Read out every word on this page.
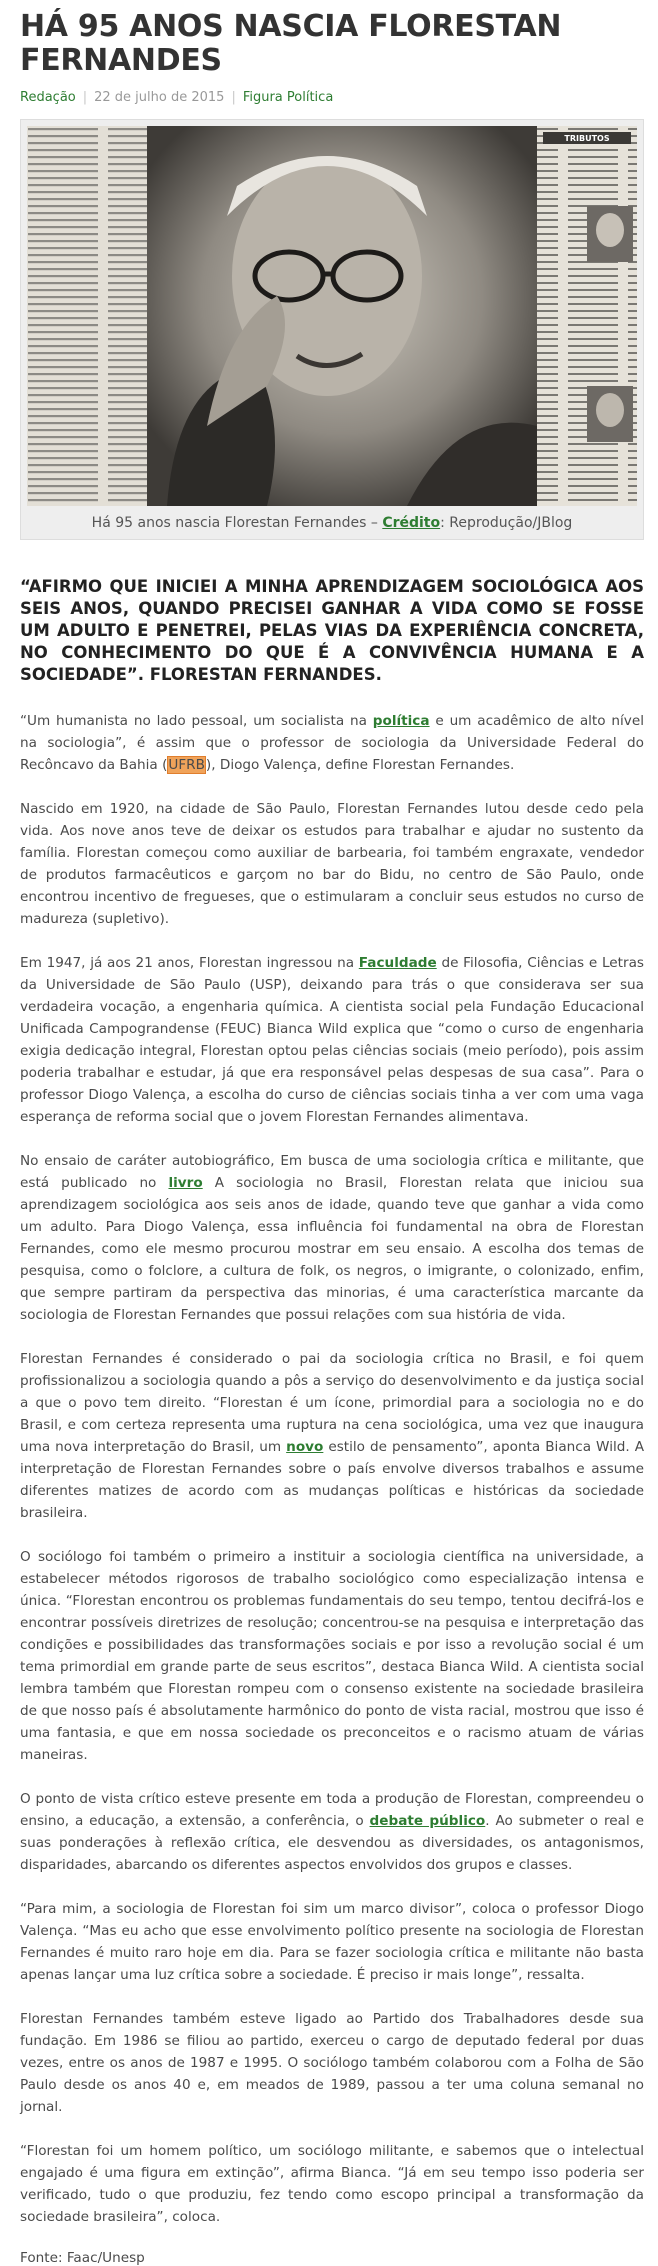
HÁ 95 ANOS NASCIA FLORESTAN FERNANDES
Redação | 22 de julho de 2015 | Figura Política
TRIBUTOS
Há 95 anos nascia Florestan Fernandes – Crédito: Reprodução/JBlog
“AFIRMO QUE INICIEI A MINHA APRENDIZAGEM SOCIOLÓGICA AOS SEIS ANOS, QUANDO PRECISEI GANHAR A VIDA COMO SE FOSSE UM ADULTO E PENETREI, PELAS VIAS DA EXPERIÊNCIA CONCRETA, NO CONHECIMENTO DO QUE É A CONVIVÊNCIA HUMANA E A SOCIEDADE”. FLORESTAN FERNANDES.

“Um humanista no lado pessoal, um socialista na política e um acadêmico de alto nível na sociologia”, é assim que o professor de sociologia da Universidade Federal do Recôncavo da Bahia (UFRB), Diogo Valença, define Florestan Fernandes.

Nascido em 1920, na cidade de São Paulo, Florestan Fernandes lutou desde cedo pela vida. Aos nove anos teve de deixar os estudos para trabalhar e ajudar no sustento da família. Florestan começou como auxiliar de barbearia, foi também engraxate, vendedor de produtos farmacêuticos e garçom no bar do Bidu, no centro de São Paulo, onde encontrou incentivo de fregueses, que o estimularam a concluir seus estudos no curso de madureza (supletivo).

Em 1947, já aos 21 anos, Florestan ingressou na Faculdade de Filosofia, Ciências e Letras da Universidade de São Paulo (USP), deixando para trás o que considerava ser sua verdadeira vocação, a engenharia química. A cientista social pela Fundação Educacional Unificada Campograndense (FEUC) Bianca Wild explica que “como o curso de engenharia exigia dedicação integral, Florestan optou pelas ciências sociais (meio período), pois assim poderia trabalhar e estudar, já que era responsável pelas despesas de sua casa”. Para o professor Diogo Valença, a escolha do curso de ciências sociais tinha a ver com uma vaga esperança de reforma social que o jovem Florestan Fernandes alimentava.

No ensaio de caráter autobiográfico, Em busca de uma sociologia crítica e militante, que está publicado no livro A sociologia no Brasil, Florestan relata que iniciou sua aprendizagem sociológica aos seis anos de idade, quando teve que ganhar a vida como um adulto. Para Diogo Valença, essa influência foi fundamental na obra de Florestan Fernandes, como ele mesmo procurou mostrar em seu ensaio. A escolha dos temas de pesquisa, como o folclore, a cultura de folk, os negros, o imigrante, o colonizado, enfim, que sempre partiram da perspectiva das minorias, é uma característica marcante da sociologia de Florestan Fernandes que possui relações com sua história de vida.

Florestan Fernandes é considerado o pai da sociologia crítica no Brasil, e foi quem profissionalizou a sociologia quando a pôs a serviço do desenvolvimento e da justiça social a que o povo tem direito. “Florestan é um ícone, primordial para a sociologia no e do Brasil, e com certeza representa uma ruptura na cena sociológica, uma vez que inaugura uma nova interpretação do Brasil, um novo estilo de pensamento”, aponta Bianca Wild. A interpretação de Florestan Fernandes sobre o país envolve diversos trabalhos e assume diferentes matizes de acordo com as mudanças políticas e históricas da sociedade brasileira.

O sociólogo foi também o primeiro a instituir a sociologia científica na universidade, a estabelecer métodos rigorosos de trabalho sociológico como especialização intensa e única. “Florestan encontrou os problemas fundamentais do seu tempo, tentou decifrá-los e encontrar possíveis diretrizes de resolução; concentrou-se na pesquisa e interpretação das condições e possibilidades das transformações sociais e por isso a revolução social é um tema primordial em grande parte de seus escritos”, destaca Bianca Wild. A cientista social lembra também que Florestan rompeu com o consenso existente na sociedade brasileira de que nosso país é absolutamente harmônico do ponto de vista racial, mostrou que isso é uma fantasia, e que em nossa sociedade os preconceitos e o racismo atuam de várias maneiras.

O ponto de vista crítico esteve presente em toda a produção de Florestan, compreendeu o ensino, a educação, a extensão, a conferência, o debate público. Ao submeter o real e suas ponderações à reflexão crítica, ele desvendou as diversidades, os antagonismos, disparidades, abarcando os diferentes aspectos envolvidos dos grupos e classes.

“Para mim, a sociologia de Florestan foi sim um marco divisor”, coloca o professor Diogo Valença. “Mas eu acho que esse envolvimento político presente na sociologia de Florestan Fernandes é muito raro hoje em dia. Para se fazer sociologia crítica e militante não basta apenas lançar uma luz crítica sobre a sociedade. É preciso ir mais longe”, ressalta.

Florestan Fernandes também esteve ligado ao Partido dos Trabalhadores desde sua fundação. Em 1986 se filiou ao partido, exerceu o cargo de deputado federal por duas vezes, entre os anos de 1987 e 1995. O sociólogo também colaborou com a Folha de São Paulo desde os anos 40 e, em meados de 1989, passou a ter uma coluna semanal no jornal.

“Florestan foi um homem político, um sociólogo militante, e sabemos que o intelectual engajado é uma figura em extinção”, afirma Bianca. “Já em seu tempo isso poderia ser verificado, tudo o que produziu, fez tendo como escopo principal a transformação da sociedade brasileira”, coloca.

Fonte: Faac/Unesp
